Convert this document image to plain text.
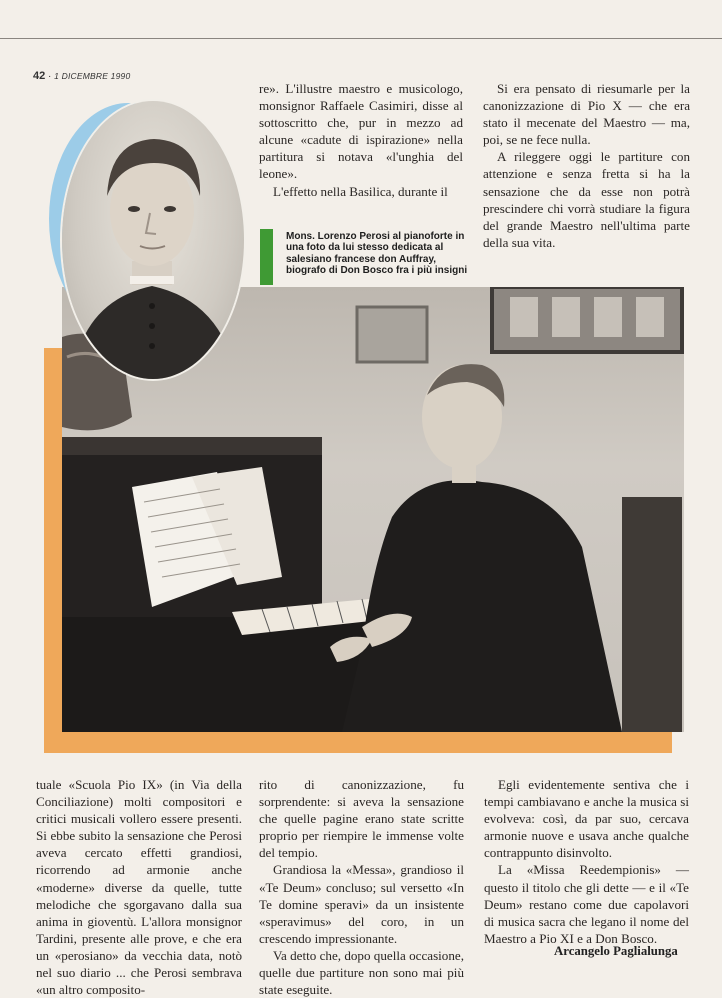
42 · 1 DICEMBRE 1990

re». L'illustre maestro e musicologo, monsignor Raffaele Casimiri, disse al sottoscritto che, pur in mezzo ad alcune «cadute di ispirazione» nella partitura si notava «l'unghia del leone».

L'effetto nella Basilica, durante il

Si era pensato di riesumarle per la canonizzazione di Pio X — che era stato il mecenate del Maestro — ma, poi, se ne fece nulla.

A rileggere oggi le partiture con attenzione e senza fretta si ha la sensazione che da esse non potrà prescindere chi vorrà studiare la figura del grande Maestro nell'ultima parte della sua vita.

Mons. Lorenzo Perosi al pianoforte in una foto da lui stesso dedicata al salesiano francese don Auffray, biografo di Don Bosco fra i più insigni

tuale «Scuola Pio IX» (in Via della Conciliazione) molti compositori e critici musicali vollero essere presenti. Si ebbe subito la sensazione che Perosi aveva cercato effetti grandiosi, ricorrendo ad armonie anche «moderne» diverse da quelle, tutte melodiche che sgorgavano dalla sua anima in gioventù. L'allora monsignor Tardini, presente alle prove, e che era un «perosiano» da vecchia data, notò nel suo diario ... che Perosi sembrava «un altro composito-

rito di canonizzazione, fu sorprendente: si aveva la sensazione che quelle pagine erano state scritte proprio per riempire le immense volte del tempio.

Grandiosa la «Messa», grandioso il «Te Deum» concluso; sul versetto «In Te domine speravi» da un insistente «speravimus» del coro, in un crescendo impressionante.

Va detto che, dopo quella occasione, quelle due partiture non sono mai più state eseguite.

Egli evidentemente sentiva che i tempi cambiavano e anche la musica si evolveva: così, da par suo, cercava armonie nuove e usava anche qualche contrappunto disinvolto.

La «Missa Reedempionis» — questo il titolo che gli dette — e il «Te Deum» restano come due capolavori di musica sacra che legano il nome del Maestro a Pio XI e a Don Bosco.

Arcangelo Paglialunga
